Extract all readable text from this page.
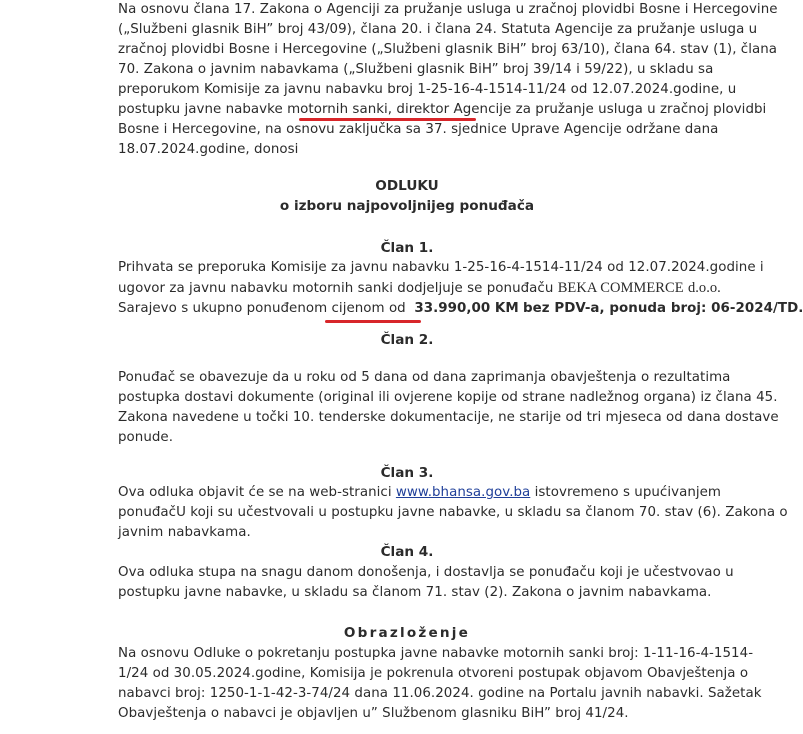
Na osnovu člana 17. Zakona o Agenciji za pružanje usluga u zračnoj plovidbi Bosne i Hercegovine
(„Službeni glasnik BiH” broj 43/09), člana 20. i člana 24. Statuta Agencije za pružanje usluga u
zračnoj plovidbi Bosne i Hercegovine („Službeni glasnik BiH” broj 63/10), člana 64. stav (1), člana
70. Zakona o javnim nabavkama („Službeni glasnik BiH” broj 39/14 i 59/22), u skladu sa
preporukom Komisije za javnu nabavku broj 1-25-16-4-1514-11/24 od 12.07.2024.godine, u
postupku javne nabavke motornih sanki, direktor Agencije za pružanje usluga u zračnoj plovidbi
Bosne i Hercegovine, na osnovu zaključka sa 37. sjednice Uprave Agencije održane dana
18.07.2024.godine, donosi
ODLUKU
o izboru najpovoljnijeg ponuđača
Član 1.
Prihvata se preporuka Komisije za javnu nabavku 1-25-16-4-1514-11/24 od 12.07.2024.godine i
ugovor za javnu nabavku motornih sanki dodjeljuje se ponuđaču BEKA COMMERCE d.o.o.
Sarajevo s ukupno ponuđenom cijenom od 33.990,00 KM bez PDV-a, ponuda broj: 06-2024/TD.
Član 2.
Ponuđač se obavezuje da u roku od 5 dana od dana zaprimanja obavještenja o rezultatima
postupka dostavi dokumente (original ili ovjerene kopije od strane nadležnog organa) iz člana 45.
Zakona navedene u točki 10. tenderske dokumentacije, ne starije od tri mjeseca od dana dostave
ponude.
Član 3.
Ova odluka objavit će se na web-stranici www.bhansa.gov.ba istovremeno s upućivanjem
ponuđačU koji su učestvovali u postupku javne nabavke, u skladu sa članom 70. stav (6). Zakona o
javnim nabavkama.
Član 4.
Ova odluka stupa na snagu danom donošenja, i dostavlja se ponuđaču koji je učestvovao u
postupku javne nabavke, u skladu sa članom 71. stav (2). Zakona o javnim nabavkama.
Obrazloženje
Na osnovu Odluke o pokretanju postupka javne nabavke motornih sanki broj: 1-11-16-4-1514-
1/24 od 30.05.2024.godine, Komisija je pokrenula otvoreni postupak objavom Obavještenja o
nabavci broj: 1250-1-1-42-3-74/24 dana 11.06.2024. godine na Portalu javnih nabavki. Sažetak
Obavještenja o nabavci je objavljen u” Službenom glasniku BiH” broj 41/24.
